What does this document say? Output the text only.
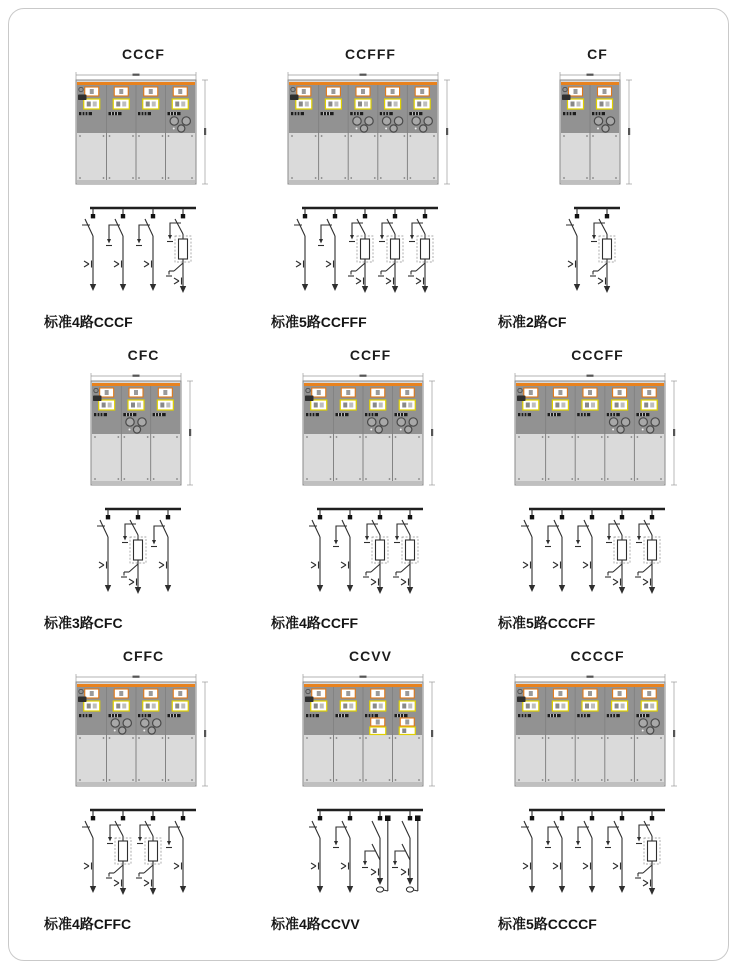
CCCF
标准4路CCCF
CCFFF
标准5路CCFFF
CF
标准2路CF
CFC
标准3路CFC
CCFF
标准4路CCFF
CCCFF
标准5路CCCFF
CFFC
标准4路CFFC
CCVV
标准4路CCVV
CCCCF
标准5路CCCCF
